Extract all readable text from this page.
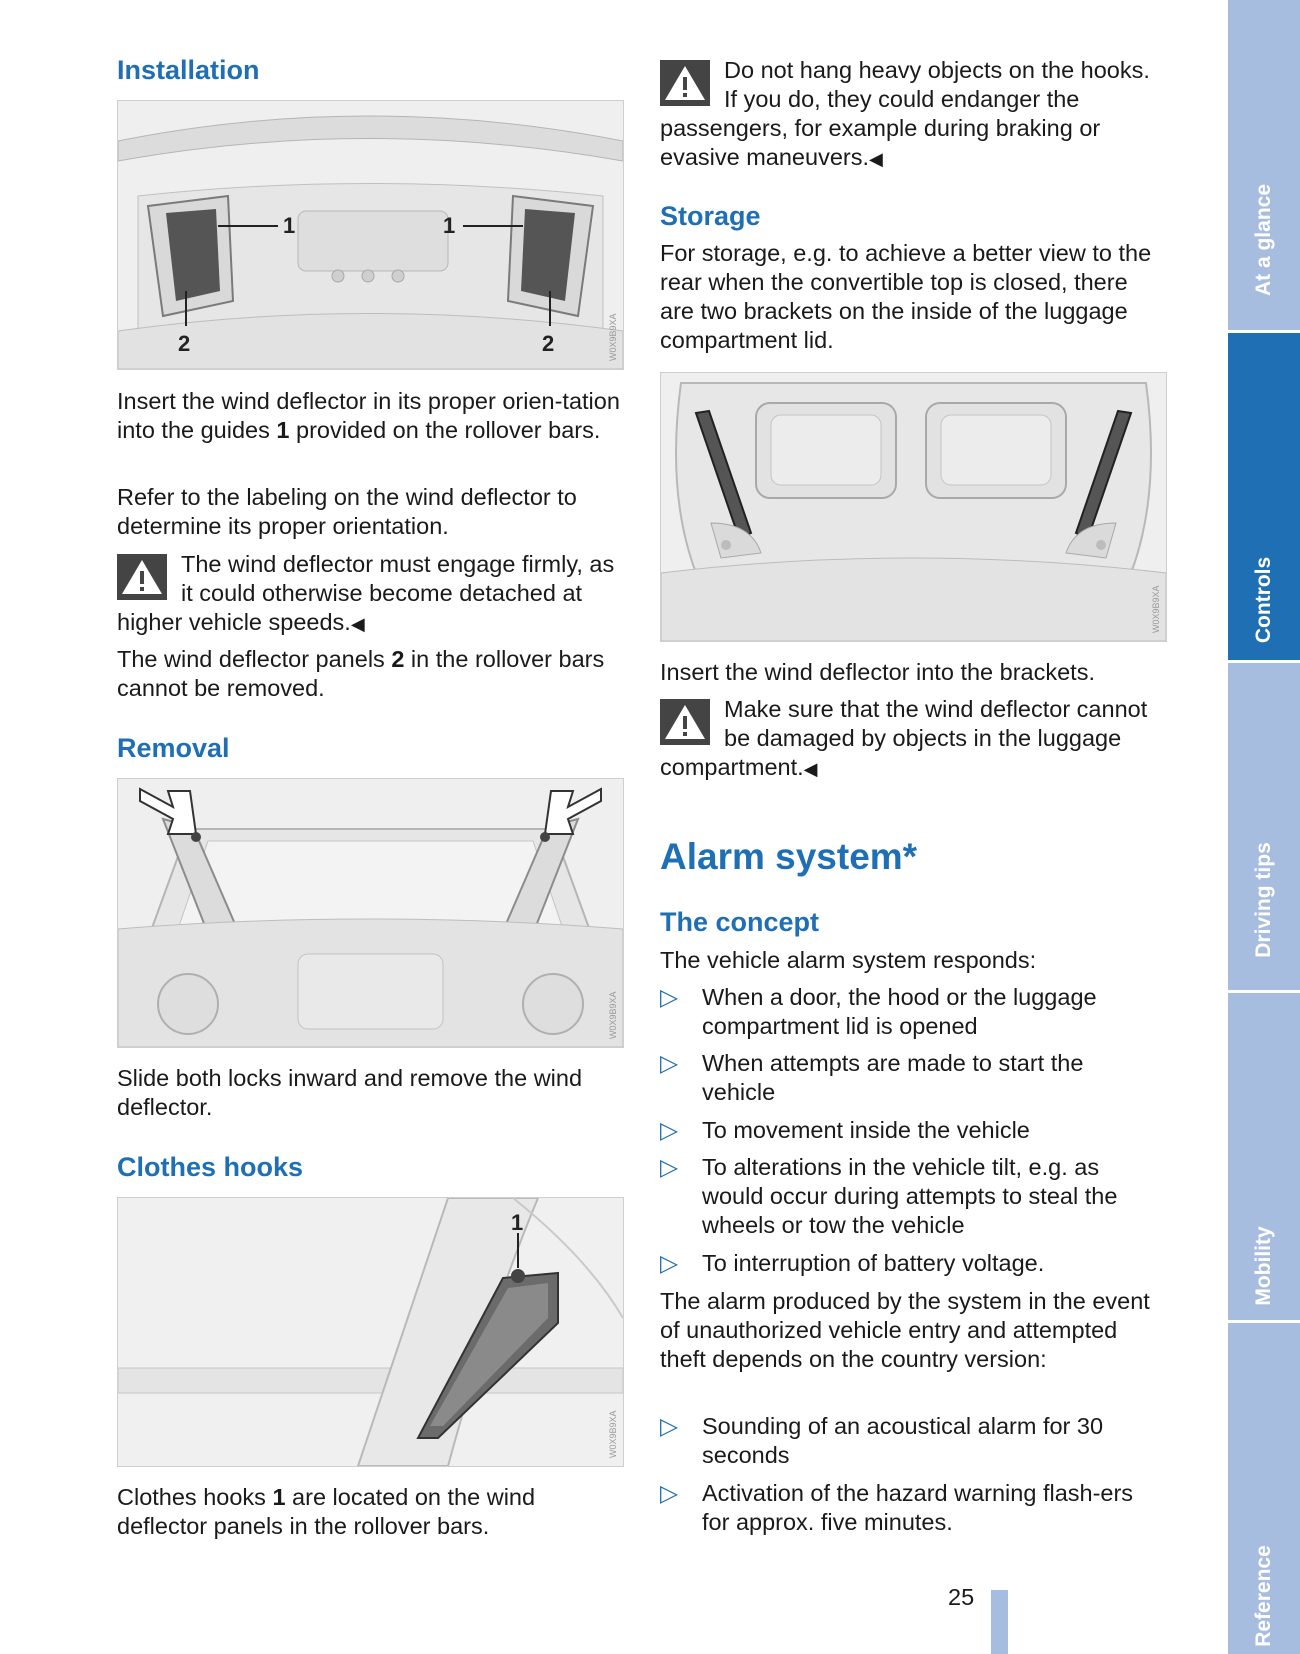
Installation
1	1
2	2	W0X9B9XA

Insert the wind deflector in its proper orien-tation into the guides 1 provided on the rollover bars.

Refer to the labeling on the wind deflector to determine its proper orientation.

The wind deflector must engage firmly, as it could otherwise become detached at higher vehicle speeds.◀

The wind deflector panels 2 in the rollover bars cannot be removed.

Removal
W0X9B9XA

Slide both locks inward and remove the wind deflector.

Clothes hooks
1
W0X9B9XA

Clothes hooks 1 are located on the wind deflector panels in the rollover bars.

Do not hang heavy objects on the hooks. If you do, they could endanger the passengers, for example during braking or evasive maneuvers.◀
Storage

For storage, e.g. to achieve a better view to the rear when the convertible top is closed, there are two brackets on the inside of the luggage compartment lid.

W0X9B9XA

Insert the wind deflector into the brackets.

Make sure that the wind deflector cannot be damaged by objects in the luggage compartment.◀
Alarm system*
The concept

The vehicle alarm system responds:

▷ When a door, the hood or the luggage compartment lid is opened
▷ When attempts are made to start the vehicle
▷ To movement inside the vehicle
▷ To alterations in the vehicle tilt, e.g. as would occur during attempts to steal the wheels or tow the vehicle
▷ To interruption of battery voltage.

The alarm produced by the system in the event of unauthorized vehicle entry and attempted theft depends on the country version:

▷ Sounding of an acoustical alarm for 30 seconds
▷ Activation of the hazard warning flash-ers for approx. five minutes.
25
At a glance
Controls
Driving tips
Mobility
Reference
